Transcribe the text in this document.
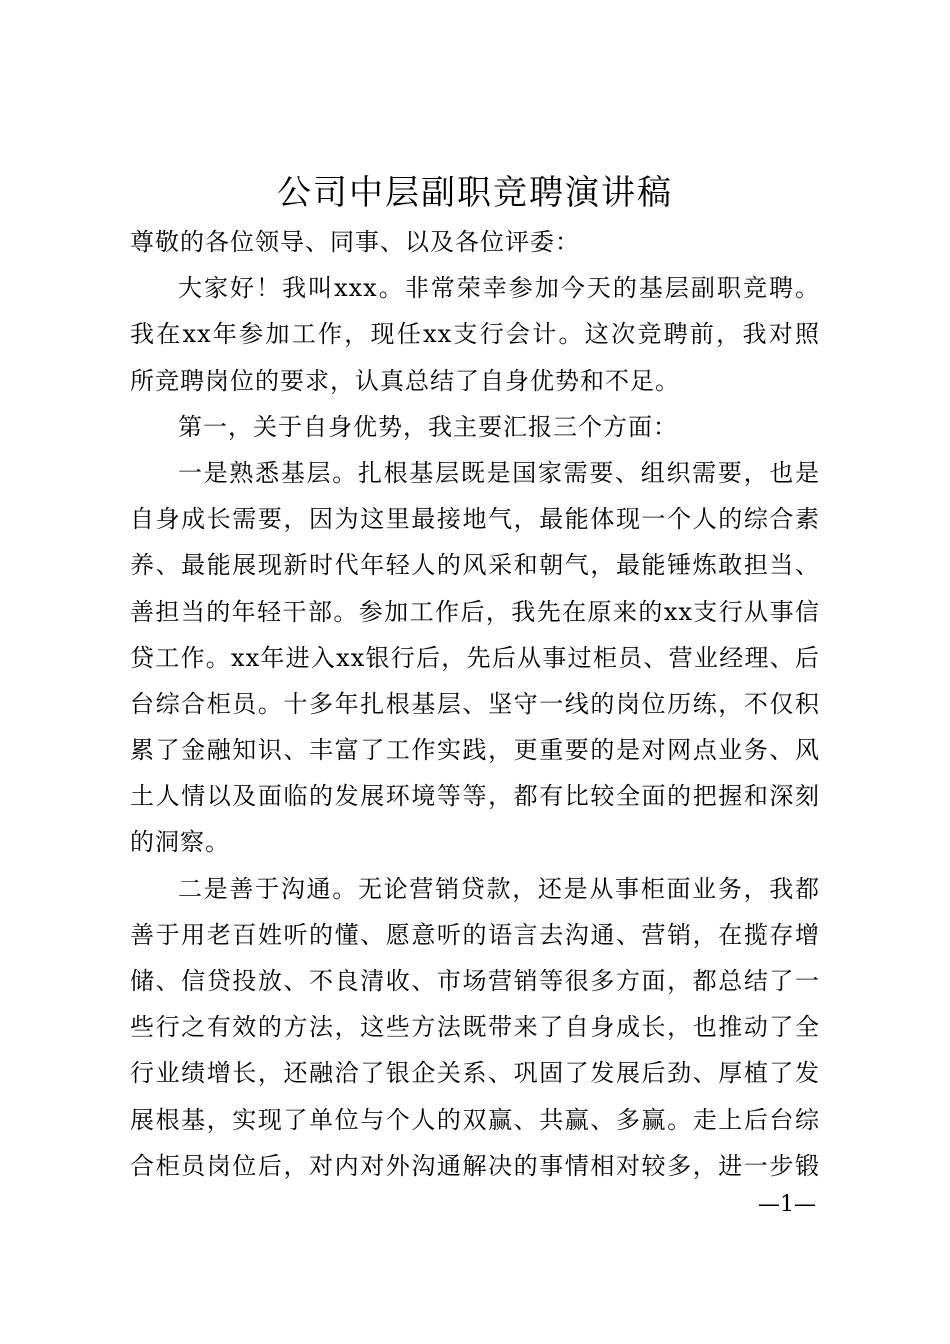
公司中层副职竞聘演讲稿
尊敬的各位领导、同事、以及各位评委：
大家好！我叫xxx。非常荣幸参加今天的基层副职竞聘。
我在xx年参加工作，现任xx支行会计。这次竞聘前，我对照
所竞聘岗位的要求，认真总结了自身优势和不足。
第一，关于自身优势，我主要汇报三个方面：
一是熟悉基层。扎根基层既是国家需要、组织需要，也是
自身成长需要，因为这里最接地气，最能体现一个人的综合素
养、最能展现新时代年轻人的风采和朝气，最能锤炼敢担当、
善担当的年轻干部。参加工作后，我先在原来的xx支行从事信
贷工作。xx年进入xx银行后，先后从事过柜员、营业经理、后
台综合柜员。十多年扎根基层、坚守一线的岗位历练，不仅积
累了金融知识、丰富了工作实践，更重要的是对网点业务、风
土人情以及面临的发展环境等等，都有比较全面的把握和深刻
的洞察。
二是善于沟通。无论营销贷款，还是从事柜面业务，我都
善于用老百姓听的懂、愿意听的语言去沟通、营销，在揽存增
储、信贷投放、不良清收、市场营销等很多方面，都总结了一
些行之有效的方法，这些方法既带来了自身成长，也推动了全
行业绩增长，还融洽了银企关系、巩固了发展后劲、厚植了发
展根基，实现了单位与个人的双赢、共赢、多赢。走上后台综
合柜员岗位后，对内对外沟通解决的事情相对较多，进一步锻
—1—
